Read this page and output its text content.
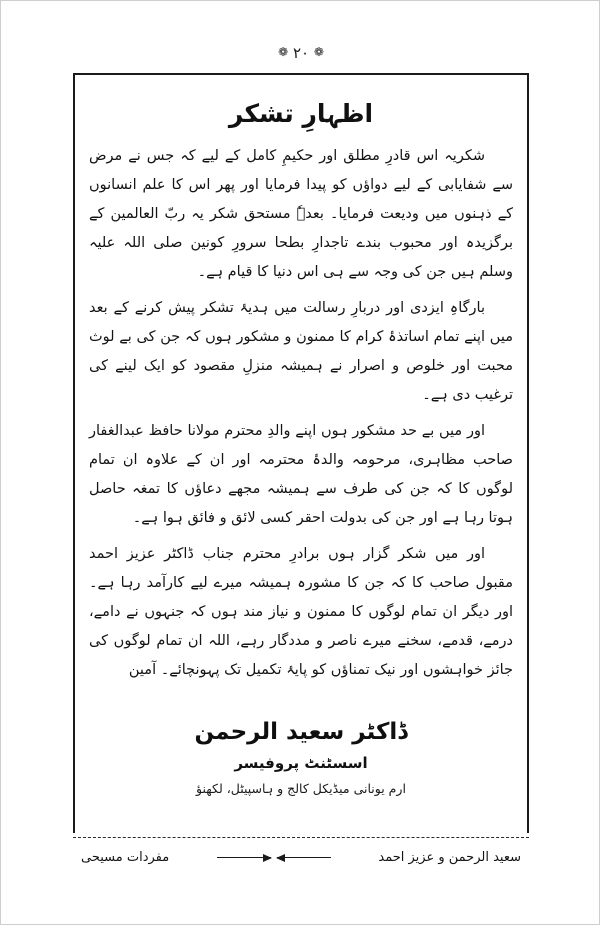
❁ ۲۰ ❁
اظہارِ تشکر

شکریہ اس قادرِ مطلق اور حکیمِ کامل کے لیے کہ جس نے مرض سے شفایابی کے لیے دواؤں کو پیدا فرمایا اور پھر اس کا علم انسانوں کے ذہنوں میں ودیعت فرمایا۔ بعدہٗ مستحق شکر یہ ربّ العالمین کے برگزیدہ اور محبوب بندے تاجدارِ بطحا سرورِ کونین صلی اللہ علیہ وسلم ہیں جن کی وجہ سے ہی اس دنیا کا قیام ہے۔

بارگاہِ ایزدی اور دربارِ رسالت میں ہدیۂ تشکر پیش کرنے کے بعد میں اپنے تمام اساتذۂ کرام کا ممنون و مشکور ہوں کہ جن کی بے لوث محبت اور خلوص و اصرار نے ہمیشہ منزلِ مقصود کو ایک لینے کی ترغیب دی ہے۔

اور میں بے حد مشکور ہوں اپنے والدِ محترم مولانا حافظ عبدالغفار صاحب مظاہری، مرحومہ والدۂ محترمہ اور ان کے علاوہ ان تمام لوگوں کا کہ جن کی طرف سے ہمیشہ مجھے دعاؤں کا تمغہ حاصل ہوتا رہا ہے اور جن کی بدولت احقر کسی لائق و فائق ہوا ہے۔

اور میں شکر گزار ہوں برادرِ محترم جناب ڈاکٹر عزیز احمد مقبول صاحب کا کہ جن کا مشورہ ہمیشہ میرے لیے کارآمد رہا ہے۔ اور دیگر ان تمام لوگوں کا ممنون و نیاز مند ہوں کہ جنہوں نے دامے، درمے، قدمے، سخنے میرے ناصر و مددگار رہے، اللہ ان تمام لوگوں کی جائز خواہشوں اور نیک تمناؤں کو پایۂ تکمیل تک پہونچائے۔ آمین

ڈاکٹر سعید الرحمن
اسسٹنٹ پروفیسر
ارم یونانی میڈیکل کالج و ہاسپیٹل، لکھنؤ
سعید الرحمن و عزیز احمد
مفردات مسیحی
